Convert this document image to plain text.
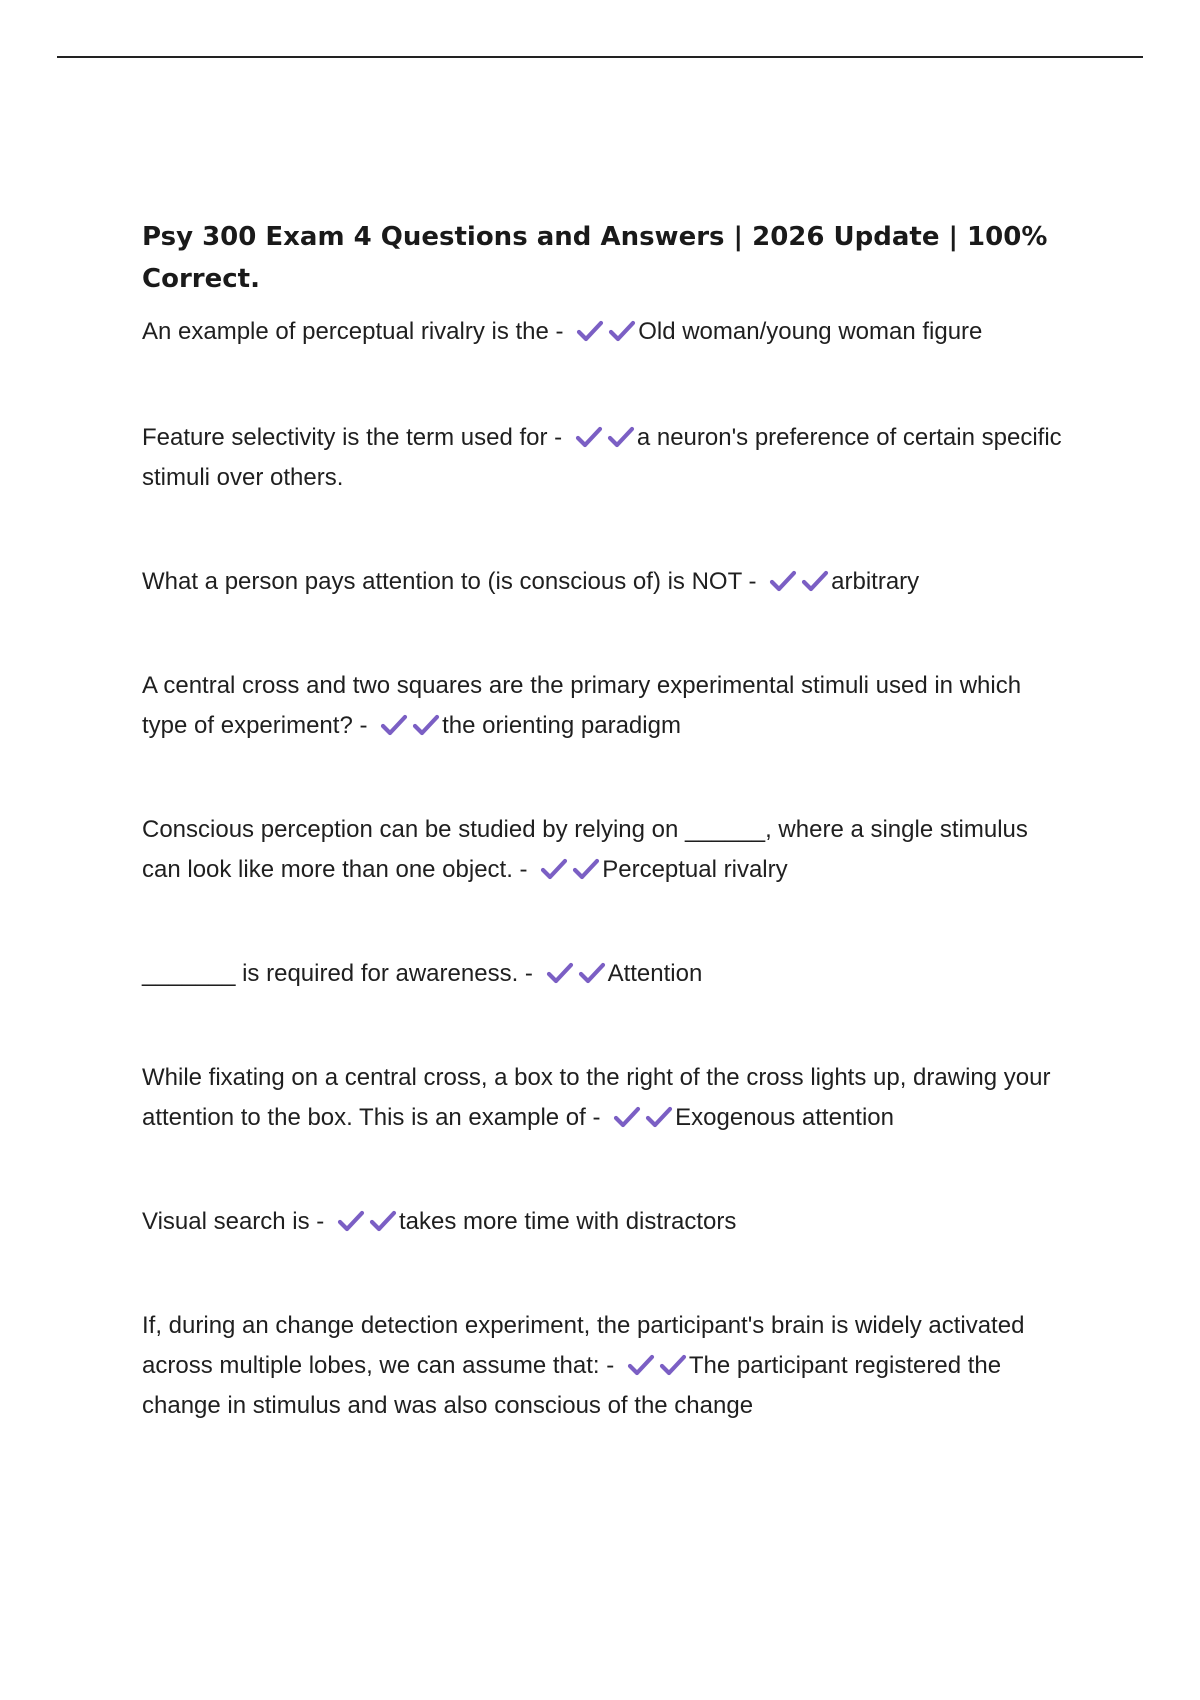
Psy 300 Exam 4 Questions and Answers | 2026 Update | 100% Correct.

An example of perceptual rivalry is the -	Old woman/young woman figure

Feature selectivity is the term used for -	a neuron's preference of certain specific stimuli over others.

What a person pays attention to (is conscious of) is NOT -	arbitrary

A central cross and two squares are the primary experimental stimuli used in which type of experiment? -	the orienting paradigm

Conscious perception can be studied by relying on ______, where a single stimulus can look like more than one object. -	Perceptual rivalry

_______ is required for awareness. -	Attention

While fixating on a central cross, a box to the right of the cross lights up, drawing your attention to the box. This is an example of -	Exogenous attention

Visual search is -	takes more time with distractors

If, during an change detection experiment, the participant's brain is widely activated across multiple lobes, we can assume that: -	The participant registered the change in stimulus and was also conscious of the change
